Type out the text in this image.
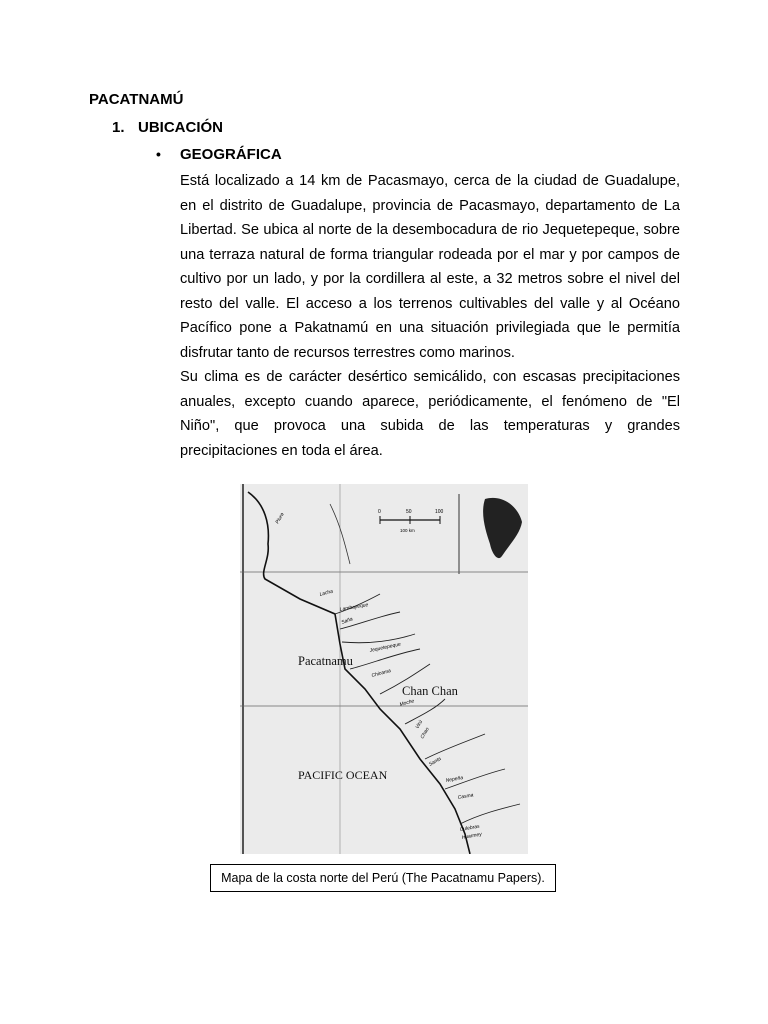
PACATNAMÚ
1. UBICACIÓN
• GEOGRÁFICA

Está localizado a 14 km de Pacasmayo, cerca de la ciudad de Guadalupe, en el distrito de Guadalupe, provincia de Pacasmayo, departamento de La Libertad. Se ubica al norte de la desembocadura de rio Jequetepeque, sobre una terraza natural de forma triangular rodeada por el mar y por campos de cultivo por un lado, y por la cordillera al este, a 32 metros sobre el nivel del resto del valle. El acceso a los terrenos cultivables del valle y al Océano Pacífico pone a Pakatnamú en una situación privilegiada que le permitía disfrutar tanto de recursos terrestres como marinos.

Su clima es de carácter desértico semicálido, con escasas precipitaciones anuales, excepto cuando aparece, periódicamente, el fenómeno de "El Niño", que provoca una subida de las temperaturas y grandes precipitaciones en toda el área.

0	50	100
100 km
Piura
Lacha
Lambayeque
Saña
Jequetepeque
Chicama
Moche
Virú
Chao
Santa
Nepeña
Casma
Culebras
Huarmey
Pacatnamu
Chan Chan
PACIFIC OCEAN
Mapa de la costa norte del Perú (The Pacatnamu Papers).
